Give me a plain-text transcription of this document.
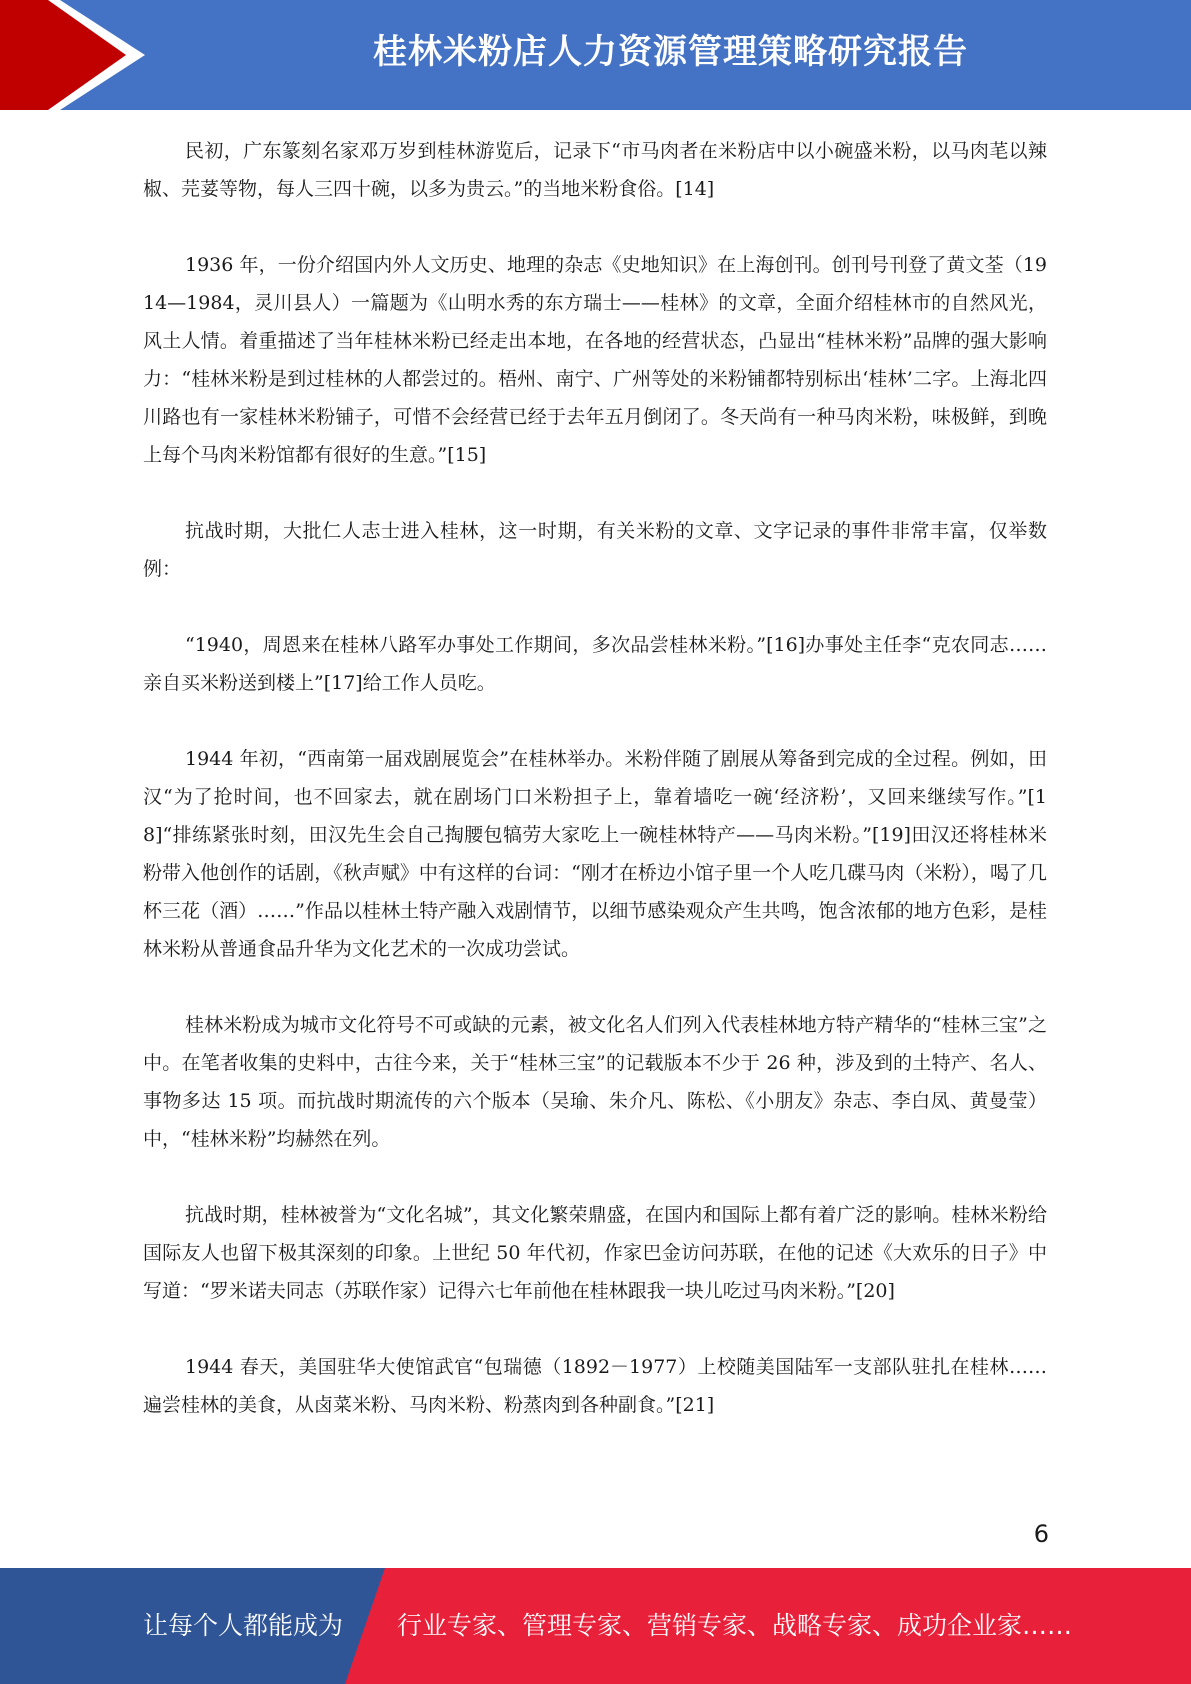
桂林米粉店人力资源管理策略研究报告

民初，广东篆刻名家邓万岁到桂林游览后，记录下“市马肉者在米粉店中以小碗盛米粉，以马肉芼以辣椒、芫荽等物，每人三四十碗，以多为贵云。”的当地米粉食俗。[14]

1936 年，一份介绍国内外人文历史、地理的杂志《史地知识》在上海创刊。创刊号刊登了黄文荃（1914—1984，灵川县人）一篇题为《山明水秀的东方瑞士——桂林》的文章，全面介绍桂林市的自然风光，风土人情。着重描述了当年桂林米粉已经走出本地，在各地的经营状态，凸显出“桂林米粉”品牌的强大影响力：“桂林米粉是到过桂林的人都尝过的。梧州、南宁、广州等处的米粉铺都特别标出‘桂林’二字。上海北四川路也有一家桂林米粉铺子，可惜不会经营已经于去年五月倒闭了。冬天尚有一种马肉米粉，味极鲜，到晚上每个马肉米粉馆都有很好的生意。”[15]

抗战时期，大批仁人志士进入桂林，这一时期，有关米粉的文章、文字记录的事件非常丰富，仅举数例：

“1940，周恩来在桂林八路军办事处工作期间，多次品尝桂林米粉。”[16]办事处主任李“克农同志……亲自买米粉送到楼上”[17]给工作人员吃。

1944 年初，“西南第一届戏剧展览会”在桂林举办。米粉伴随了剧展从筹备到完成的全过程。例如，田汉“为了抢时间，也不回家去，就在剧场门口米粉担子上，靠着墙吃一碗‘经济粉’，又回来继续写作。”[18]“排练紧张时刻，田汉先生会自己掏腰包犒劳大家吃上一碗桂林特产——马肉米粉。”[19]田汉还将桂林米粉带入他创作的话剧，《秋声赋》中有这样的台词：“刚才在桥边小馆子里一个人吃几碟马肉（米粉），喝了几杯三花（酒）……”作品以桂林土特产融入戏剧情节，以细节感染观众产生共鸣，饱含浓郁的地方色彩，是桂林米粉从普通食品升华为文化艺术的一次成功尝试。

桂林米粉成为城市文化符号不可或缺的元素，被文化名人们列入代表桂林地方特产精华的“桂林三宝”之中。在笔者收集的史料中，古往今来，关于“桂林三宝”的记载版本不少于 26 种，涉及到的土特产、名人、事物多达 15 项。而抗战时期流传的六个版本（吴瑜、朱介凡、陈松、《小朋友》杂志、李白凤、黄曼莹）中，“桂林米粉”均赫然在列。

抗战时期，桂林被誉为“文化名城”，其文化繁荣鼎盛，在国内和国际上都有着广泛的影响。桂林米粉给国际友人也留下极其深刻的印象。上世纪 50 年代初，作家巴金访问苏联，在他的记述《大欢乐的日子》中写道：“罗米诺夫同志（苏联作家）记得六七年前他在桂林跟我一块儿吃过马肉米粉。”[20]

1944 春天，美国驻华大使馆武官“包瑞德（1892－1977）上校随美国陆军一支部队驻扎在桂林……遍尝桂林的美食，从卤菜米粉、马肉米粉、粉蒸肉到各种副食。”[21]

6
让每个人都能成为 行业专家、管理专家、营销专家、战略专家、成功企业家……
